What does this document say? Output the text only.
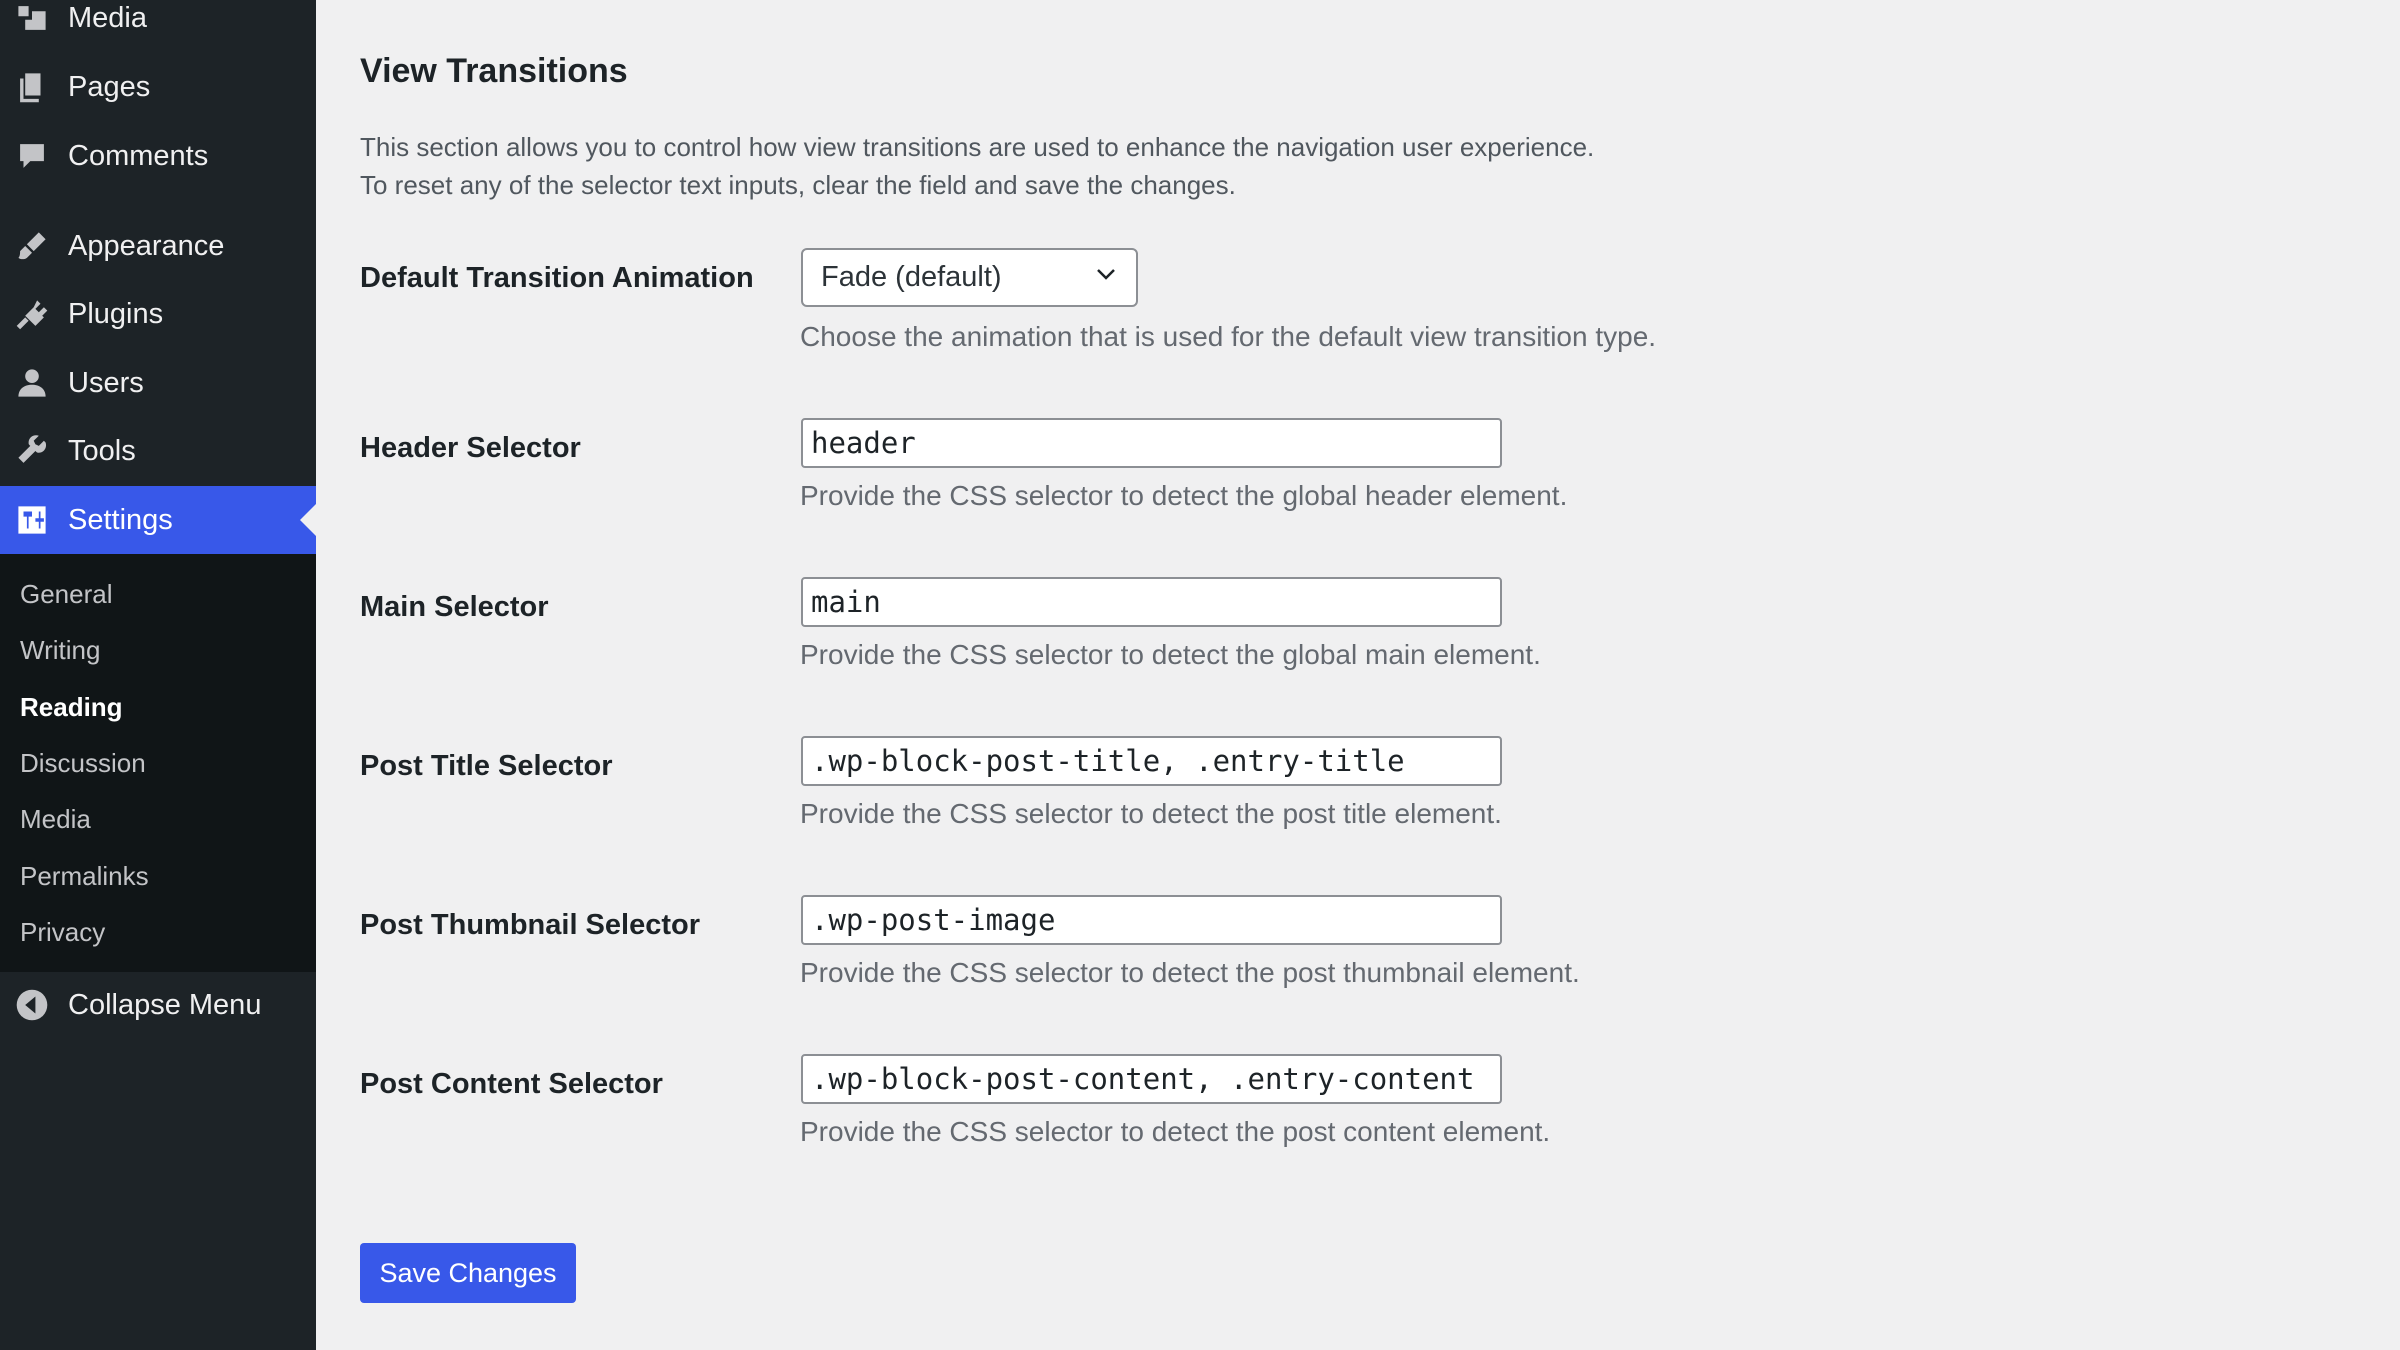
Media
Pages
Comments
Appearance
Plugins
Users
Tools
Settings
General
Writing
Reading
Discussion
Media
Permalinks
Privacy
Collapse Menu
View Transitions
This section allows you to control how view transitions are used to enhance the navigation user experience.
To reset any of the selector text inputs, clear the field and save the changes.
Default Transition Animation Fade (default)
Choose the animation that is used for the default view transition type.
Header Selector
header
Provide the CSS selector to detect the global header element.
Main Selector
main
Provide the CSS selector to detect the global main element.
Post Title Selector
.wp-block-post-title, .entry-title
Provide the CSS selector to detect the post title element.
Post Thumbnail Selector
.wp-post-image
Provide the CSS selector to detect the post thumbnail element.
Post Content Selector
.wp-block-post-content, .entry-content
Provide the CSS selector to detect the post content element.
Save Changes
